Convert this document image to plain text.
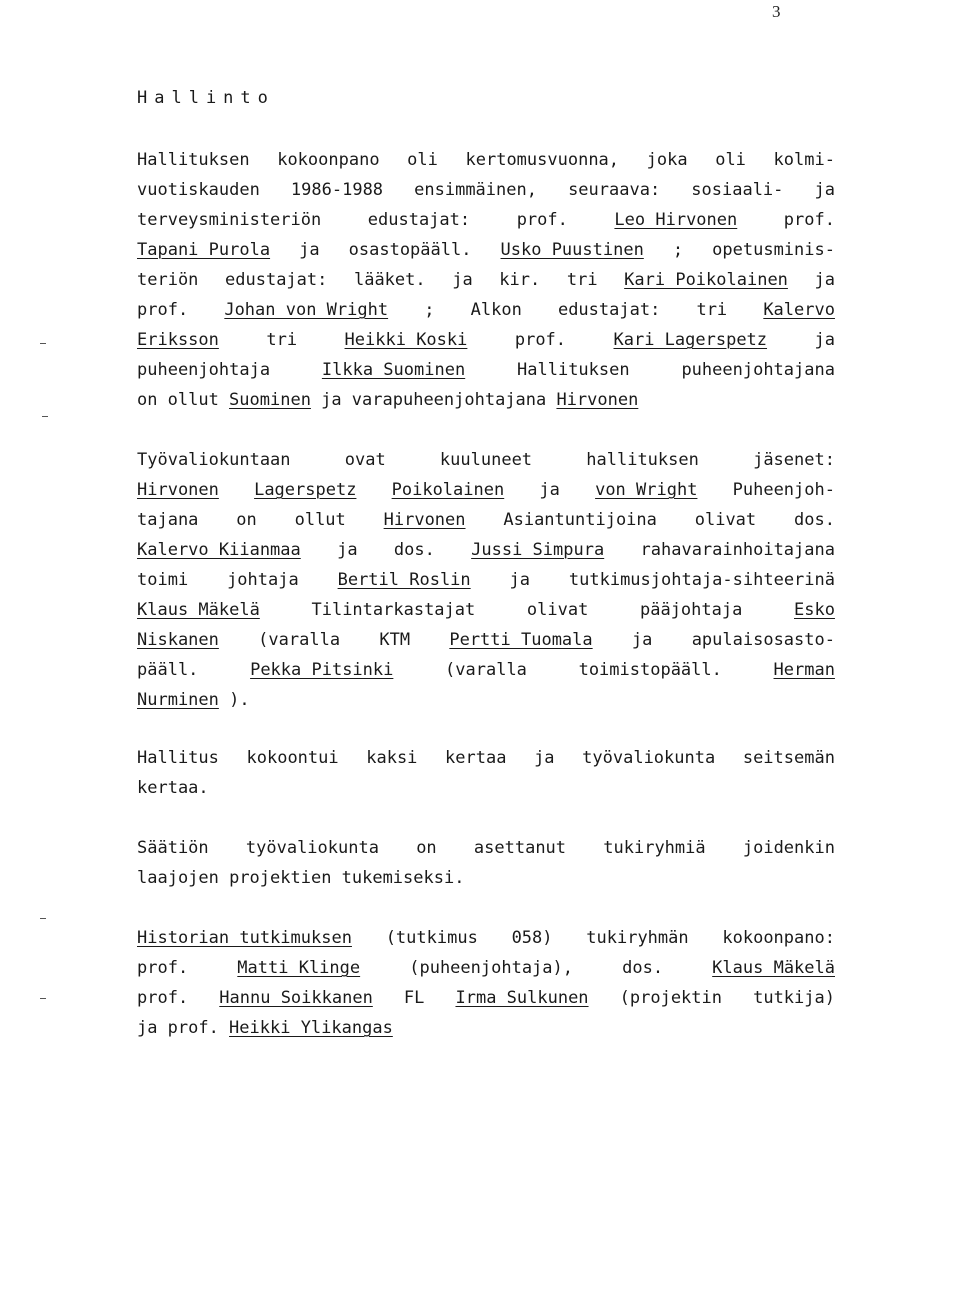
3
Hallinto
Hallituksen kokoonpano oli kertomusvuonna, joka oli kolmi-
vuotiskauden 1986-1988 ensimmäinen, seuraava: sosiaali- ja
terveysministeriön	edustajat:	prof.	Leo Hirvonen	prof.
Tapani Purola ja osastopääll. Usko Puustinen ; opetusminis-
teriön edustajat: lääket. ja kir. tri Kari Poikolainen ja
prof. Johan von Wright ; Alkon edustajat: tri Kalervo
Eriksson	tri	Heikki Koski	prof.	Kari Lagerspetz	ja
puheenjohtaja	Ilkka Suominen	Hallituksen	puheenjohtajana
on ollut Suominen ja varapuheenjohtajana Hirvonen
Työvaliokuntaan	ovat	kuuluneet	hallituksen	jäsenet:
Hirvonen Lagerspetz Poikolainen ja von Wright Puheenjoh-
tajana on ollut Hirvonen Asiantuntijoina olivat dos.
Kalervo Kiianmaa ja dos. Jussi Simpura rahavarainhoitajana
toimi johtaja Bertil Roslin ja tutkimusjohtaja-sihteerinä
Klaus Mäkelä	Tilintarkastajat	olivat	pääjohtaja	Esko
Niskanen (varalla KTM Pertti Tuomala ja apulaisosasto-
pääll.	Pekka Pitsinki	(varalla	toimistopääll.	Herman
Nurminen ).
Hallitus kokoontui kaksi kertaa ja työvaliokunta seitsemän
kertaa.
Säätiön työvaliokunta on asettanut tukiryhmiä joidenkin
laajojen projektien tukemiseksi.
Historian tutkimuksen (tutkimus 058) tukiryhmän kokoonpano:
prof.	Matti Klinge	(puheenjohtaja),	dos.	Klaus Mäkelä
prof. Hannu Soikkanen FL Irma Sulkunen (projektin tutkija)
ja prof. Heikki Ylikangas
